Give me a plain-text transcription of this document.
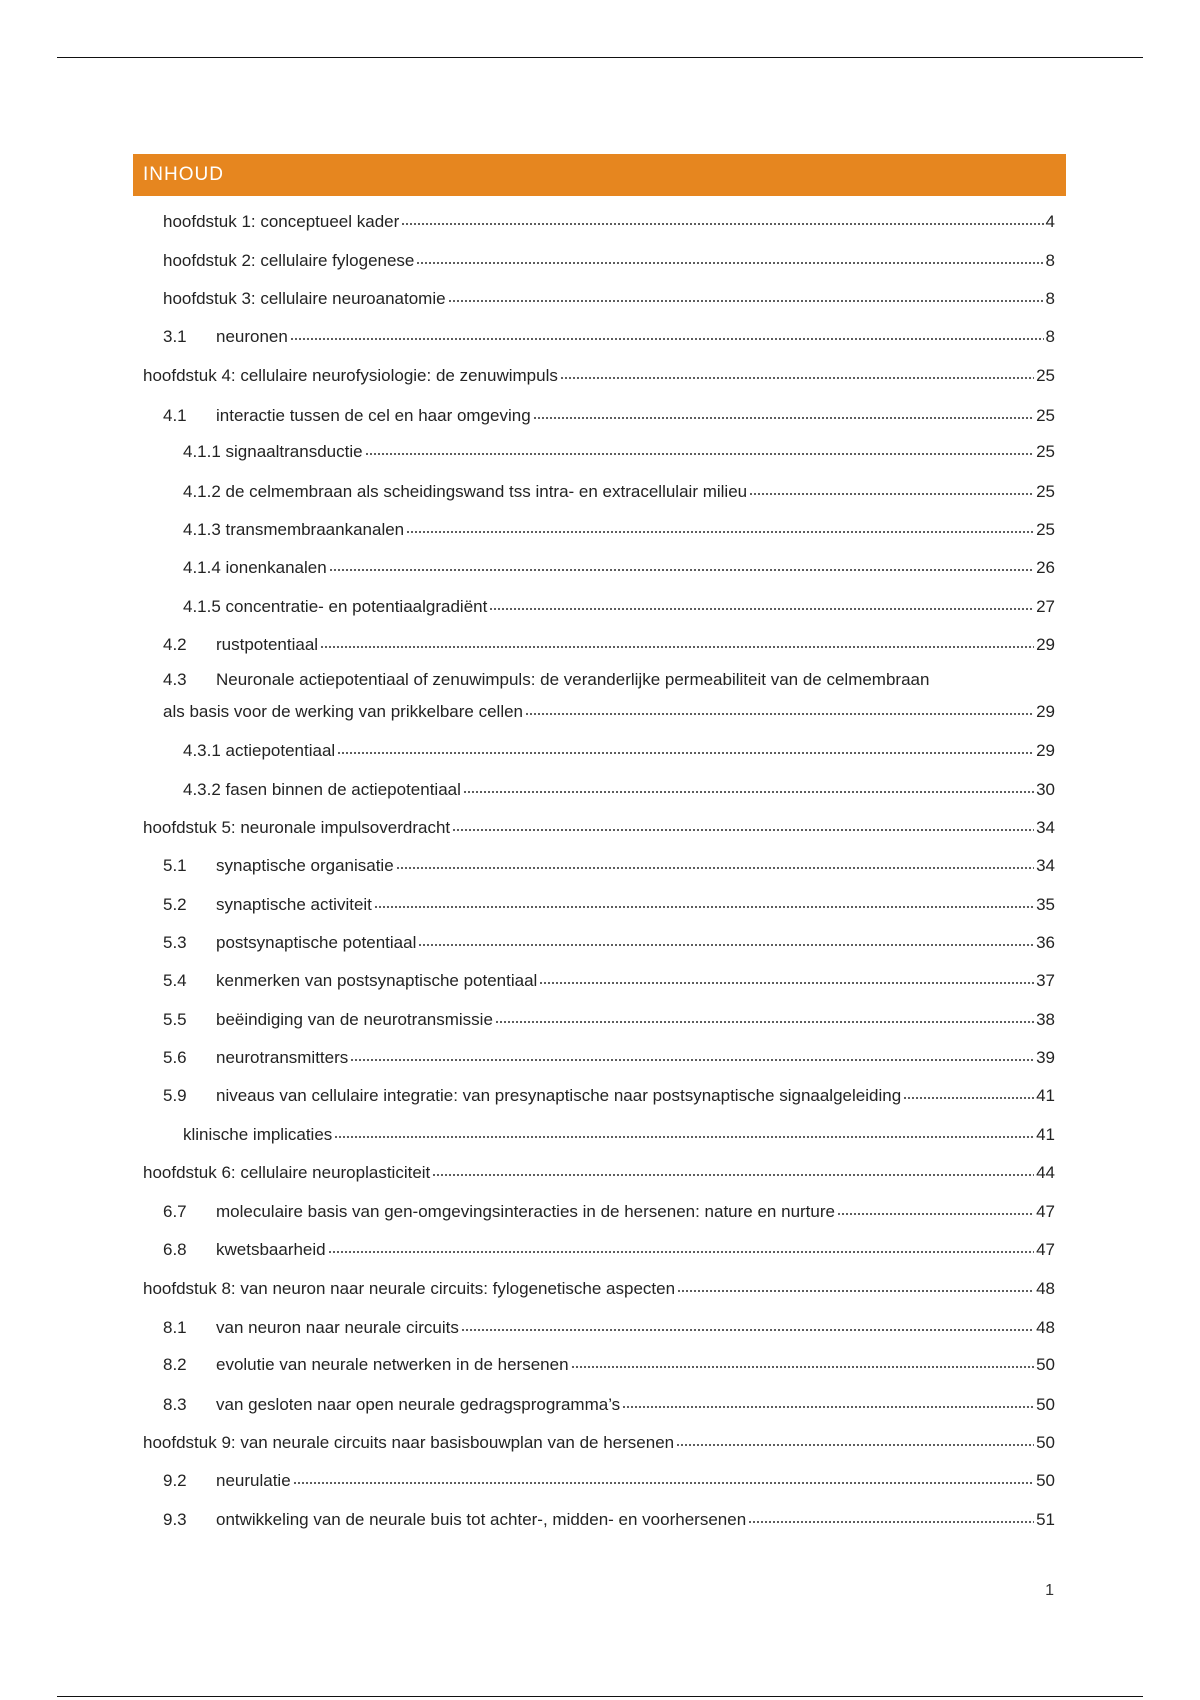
INHOUD
hoofdstuk 1: conceptueel kader	4
hoofdstuk 2: cellulaire fylogenese	8
hoofdstuk 3: cellulaire neuroanatomie	8
3.1	neuronen	8
hoofdstuk 4: cellulaire neurofysiologie: de zenuwimpuls	25
4.1	interactie tussen de cel en haar omgeving	25
4.1.1 signaaltransductie	25
4.1.2 de celmembraan als scheidingswand tss intra- en extracellulair milieu	25
4.1.3 transmembraankanalen	25
4.1.4 ionenkanalen	26
4.1.5 concentratie- en potentiaalgradiënt	27
4.2	rustpotentiaal	29
4.3 Neuronale actiepotentiaal of zenuwimpuls: de veranderlijke permeabiliteit van de celmembraan
als basis voor de werking van prikkelbare cellen	29
4.3.1 actiepotentiaal	29
4.3.2 fasen binnen de actiepotentiaal	30
hoofdstuk 5: neuronale impulsoverdracht	34
5.1	synaptische organisatie	34
5.2	synaptische activiteit	35
5.3	postsynaptische potentiaal	36
5.4	kenmerken van postsynaptische potentiaal	37
5.5	beëindiging van de neurotransmissie	38
5.6	neurotransmitters	39
5.9	niveaus van cellulaire integratie: van presynaptische naar postsynaptische signaalgeleiding	41
klinische implicaties	41
hoofdstuk 6: cellulaire neuroplasticiteit	44
6.7	moleculaire basis van gen-omgevingsinteracties in de hersenen: nature en nurture	47
6.8	kwetsbaarheid	47
hoofdstuk 8: van neuron naar neurale circuits: fylogenetische aspecten	48
8.1	van neuron naar neurale circuits	48
8.2	evolutie van neurale netwerken in de hersenen	50
8.3	van gesloten naar open neurale gedragsprogramma’s	50
hoofdstuk 9: van neurale circuits naar basisbouwplan van de hersenen	50
9.2	neurulatie	50
9.3	ontwikkeling van de neurale buis tot achter-, midden- en voorhersenen	51
1
